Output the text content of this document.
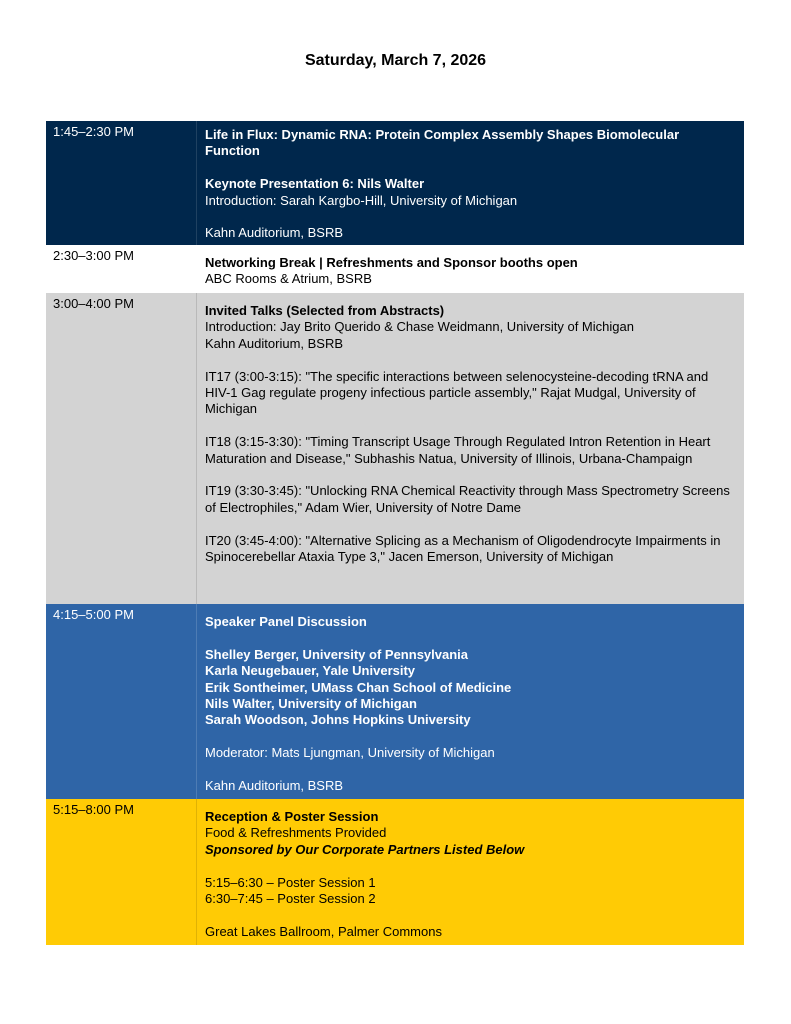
Saturday, March 7, 2026
1:45–2:30 PM	Life in Flux: Dynamic RNA: Protein Complex Assembly Shapes Biomolecular Function

Keynote Presentation 6: Nils Walter

Introduction: Sarah Kargbo-Hill, University of Michigan

Kahn Auditorium, BSRB

2:30–3:00 PM	Networking Break | Refreshments and Sponsor booths open

ABC Rooms & Atrium, BSRB

3:00–4:00 PM	Invited Talks (Selected from Abstracts)

Introduction: Jay Brito Querido & Chase Weidmann, University of Michigan

Kahn Auditorium, BSRB

IT17 (3:00-3:15): "The specific interactions between selenocysteine-decoding tRNA and HIV-1 Gag regulate progeny infectious particle assembly," Rajat Mudgal, University of Michigan

IT18 (3:15-3:30): "Timing Transcript Usage Through Regulated Intron Retention in Heart Maturation and Disease," Subhashis Natua, University of Illinois, Urbana-Champaign

IT19 (3:30-3:45): "Unlocking RNA Chemical Reactivity through Mass Spectrometry Screens of Electrophiles," Adam Wier, University of Notre Dame

IT20 (3:45-4:00): "Alternative Splicing as a Mechanism of Oligodendrocyte Impairments in Spinocerebellar Ataxia Type 3," Jacen Emerson, University of Michigan

4:15–5:00 PM	Speaker Panel Discussion

Shelley Berger, University of Pennsylvania

Karla Neugebauer, Yale University

Erik Sontheimer, UMass Chan School of Medicine

Nils Walter, University of Michigan

Sarah Woodson, Johns Hopkins University

Moderator: Mats Ljungman, University of Michigan

Kahn Auditorium, BSRB

5:15–8:00 PM	Reception & Poster Session

Food & Refreshments Provided

Sponsored by Our Corporate Partners Listed Below

5:15–6:30 – Poster Session 1

6:30–7:45 – Poster Session 2

Great Lakes Ballroom, Palmer Commons
